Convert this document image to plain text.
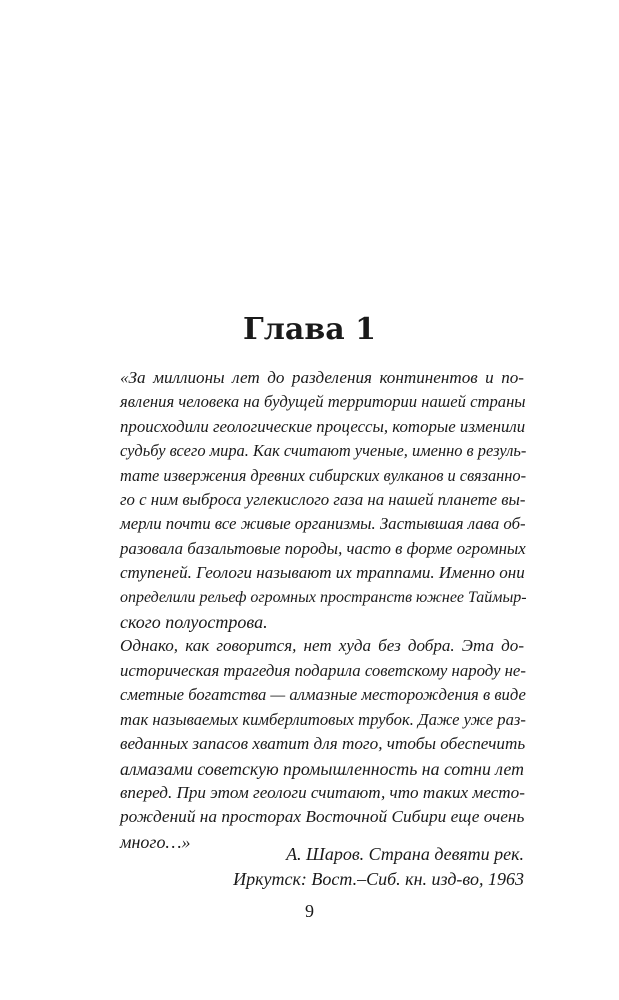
Глава 1

«За миллионы лет до разделения континентов и по-
явления человека на будущей территории нашей страны
происходили геологические процессы, которые изменили
судьбу всего мира. Как считают ученые, именно в резуль-
тате извержения древних сибирских вулканов и связанно-
го с ним выброса углекислого газа на нашей планете вы-
мерли почти все живые организмы. Застывшая лава об-
разовала базальтовые породы, часто в форме огромных
ступеней. Геологи называют их траппами. Именно они
определили рельеф огромных пространств южнее Таймыр-
ского полуострова.

Однако, как говорится, нет худа без добра. Эта до-
историческая трагедия подарила советскому народу не-
сметные богатства — алмазные месторождения в виде
так называемых кимберлитовых трубок. Даже уже раз-
веданных запасов хватит для того, чтобы обеспечить
алмазами советскую промышленность на сотни лет
вперед. При этом геологи считают, что таких место-
рождений на просторах Восточной Сибири еще очень
много…»

А. Шаров. Страна девяти рек.
Иркутск: Вост.–Сиб. кн. изд-во, 1963
9
